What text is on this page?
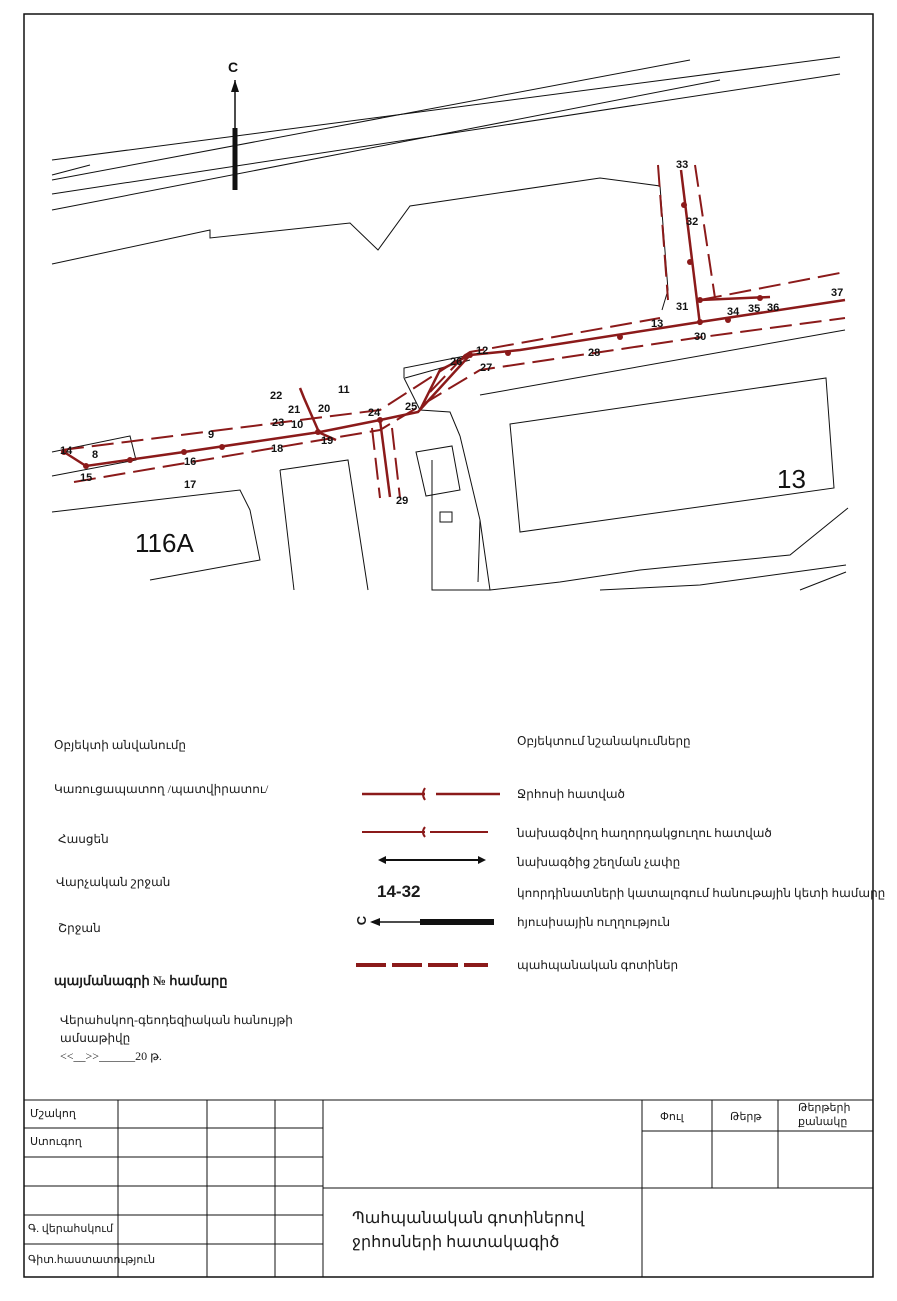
C
116A
13
8
9
10
11
12
13
14
15
16
17
18
19
20
21
22
23
24 25
26 27
28
29
30
31
32
33
34 35 36
37
Օբյեկտի անվանումը
Կառուցապատող /պատվիրատու/
Հասցեն
Վարչական շրջան
Շրջան
պայմանագրի № համարը
Վերահսկող-գեոդեզիական հանույթի
ամսաթիվը
<<__>>______20 թ.
Օբյեկտում նշանակումները
Ջրհոսի հատված
նախագծվող հաղորդակցուղու հատված
նախագծից շեղման չափը
14-32	կոորդինատների կատալոգում հանութային կետի համարը
C	հյուսիսային ուղղություն
պահպանական գոտիներ
Մշակող
Ստուգող
Գ. վերահսկում
Գիտ.հաստատություն
Փուլ	Թերթ
Թերթերի
քանակը
Պահպանական գոտիներով
ջրհոսների հատակագիծ
